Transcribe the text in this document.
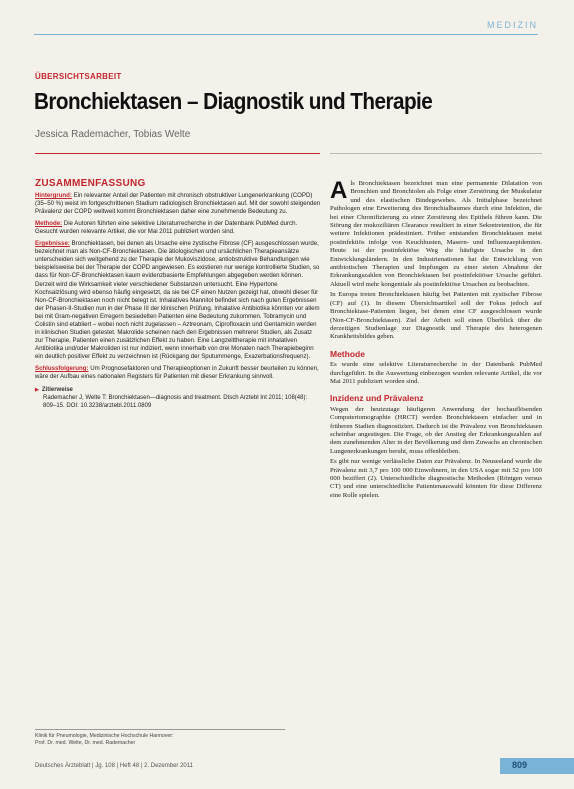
MEDIZIN
ÜBERSICHTSARBEIT
Bronchiektasen – Diagnostik und Therapie
Jessica Rademacher, Tobias Welte
ZUSAMMENFASSUNG

Hintergrund: Ein relevanter Anteil der Patienten mit chronisch obstruktiver Lungenerkrankung (COPD) (35–50 %) weist im fortgeschrittenen Stadium radiologisch Bronchiektasen auf. Mit der sowohl steigenden Prävalenz der COPD weltweit kommt Bronchiektasen daher eine zunehmende Bedeutung zu.

Methode: Die Autoren führten eine selektive Literaturrecherche in der Datenbank PubMed durch. Gesucht wurden relevante Artikel, die vor Mai 2011 publiziert worden sind.

Ergebnisse: Bronchiektasen, bei denen als Ursache eine zystische Fibrose (CF) ausgeschlossen wurde, bezeichnet man als Non-CF-Bronchiektasen. Die ätiologischen und ursächlichen Therapieansätze unterscheiden sich weitgehend zu der Therapie der Mukoviszidose, antiobstruktive Behandlungen wie beispielsweise bei der Therapie der COPD angewiesen. Es existieren nur wenige kontrollierte Studien, so dass für Non-CF-Bronchiektasen kaum evidenzbasierte Empfehlungen abgegeben werden können. Derzeit wird die Wirksamkeit vieler verschiedener Substanzen untersucht. Eine Hypertone Kochsalzlösung wird ebenso häufig eingesetzt, da sie bei CF einen Nutzen gezeigt hat, obwohl dieser für Non-CF-Bronchiektasen noch nicht belegt ist. Inhalatives Mannitol befindet sich nach guten Ergebnissen der Phasen-II-Studien nun in der Phase III der klinischen Prüfung. Inhalative Antibiotika könnten vor allem bei mit Gram-negativen Erregern besiedelten Patienten eine Bedeutung zukommen. Tobramycin und Colistin sind etabliert – wobei noch nicht zugelassen – Aztreonam, Ciprofloxacin und Gentamicin werden in klinischen Studien getestet. Makrolide scheinen nach den Ergebnissen mehrerer Studien, als Zusatz zur Therapie, Patienten einen zusätzlichen Effekt zu haben. Eine Langzeittherapie mit inhalativen Antibiotika und/oder Makroliden ist nur indiziert, wenn innerhalb von drei Monaten nach Therapiebeginn ein deutlich positiver Effekt zu verzeichnen ist (Rückgang der Sputummenge, Exazerbationsfrequenz).

Schlussfolgerung: Um Prognosefaktoren und Therapieoptionen in Zukunft besser beurteilen zu können, wäre der Aufbau eines nationalen Registers für Patienten mit dieser Erkrankung sinnvoll.

▶ Zitierweise
Rademacher J, Welte T: Bronchiektasen—diagnosis and treatment. Dtsch Arztebl Int 2011; 108(48): 809–15. DOI: 10.3238/arztebl.2011.0809

Als Bronchiektasen bezeichnet man eine permanente Dilatation von Bronchien und Bronchiolen als Folge einer Zerstörung der Muskulatur und des elastischen Bindegewebes. Als Initialphase bezeichnet Pathologen eine Erweiterung des Bronchialbaumes durch eine Infektion, die bei einer Chronifizierung zu einer Zerstörung des Epithels führen kann. Die Störung der mukoziliären Clearance resultiert in einer Sekretretention, die für weitere Infektionen prädestiniert. Früher entstanden Bronchiektasen meist postinfektiös infolge von Keuchhusten, Masern- und Influenzaepidemien. Heute ist der postinfektiöse Weg die häufigste Ursache in den Entwicklungsländern. In den Industrienationen hat die Entwicklung von antibiotischen Therapien und Impfungen zu einer steten Abnahme der Erkrankungszahlen von Bronchiektasen bei postinfektiöser Ursache geführt. Aktuell wird mehr kongenitale als postinfektiöse Ursachen zu beobachten.

In Europa treten Bronchiektasen häufig bei Patienten mit zystischer Fibrose (CF) auf (1). In diesem Übersichtsartikel soll der Fokus jedoch auf Bronchiektase-Patienten liegen, bei denen eine CF ausgeschlossen wurde (Non-CF-Bronchiektasen). Ziel der Arbeit soll einen Überblick über die derzeitigen Studienlage zur Diagnostik und Therapie des heterogenen Krankheitsbildes geben.

Methode

Es wurde eine selektive Literaturrecherche in der Datenbank PubMed durchgeführt. In die Auswertung einbezogen wurden relevante Artikel, die vor Mai 2011 publiziert worden sind.

Inzidenz und Prävalenz

Wegen der heutzutage häufigeren Anwendung der hochauflösenden Computertomographie (HRCT) werden Bronchiektasen einfacher und in früheren Stadien diagnostiziert. Dadurch ist die Prävalenz von Bronchiektasen scheinbar angestiegen. Die Frage, ob der Anstieg der Erkrankungszahlen auf dem zunehmenden Alter in der Bevölkerung und dem Zuwachs an chronischen Lungenerkrankungen beruht, muss offenbleiben.

Es gibt nur wenige verlässliche Daten zur Prävalenz. In Neuseeland wurde die Prävalenz mit 3,7 pro 100 000 Einwohnern, in den USA sogar mit 52 pro 100 000 beziffert (2). Unterschiedliche diagnostische Methoden (Röntgen versus CT) und eine unterschiedliche Patientenauswahl könnten für diese Differenz eine Rolle spielen.

Klinik für Pneumologie, Medizinische Hochschule Hannover:
Prof. Dr. med. Welte, Dr. med. Rademacher
Deutsches Ärzteblatt | Jg. 108 | Heft 48 | 2. Dezember 2011	809
